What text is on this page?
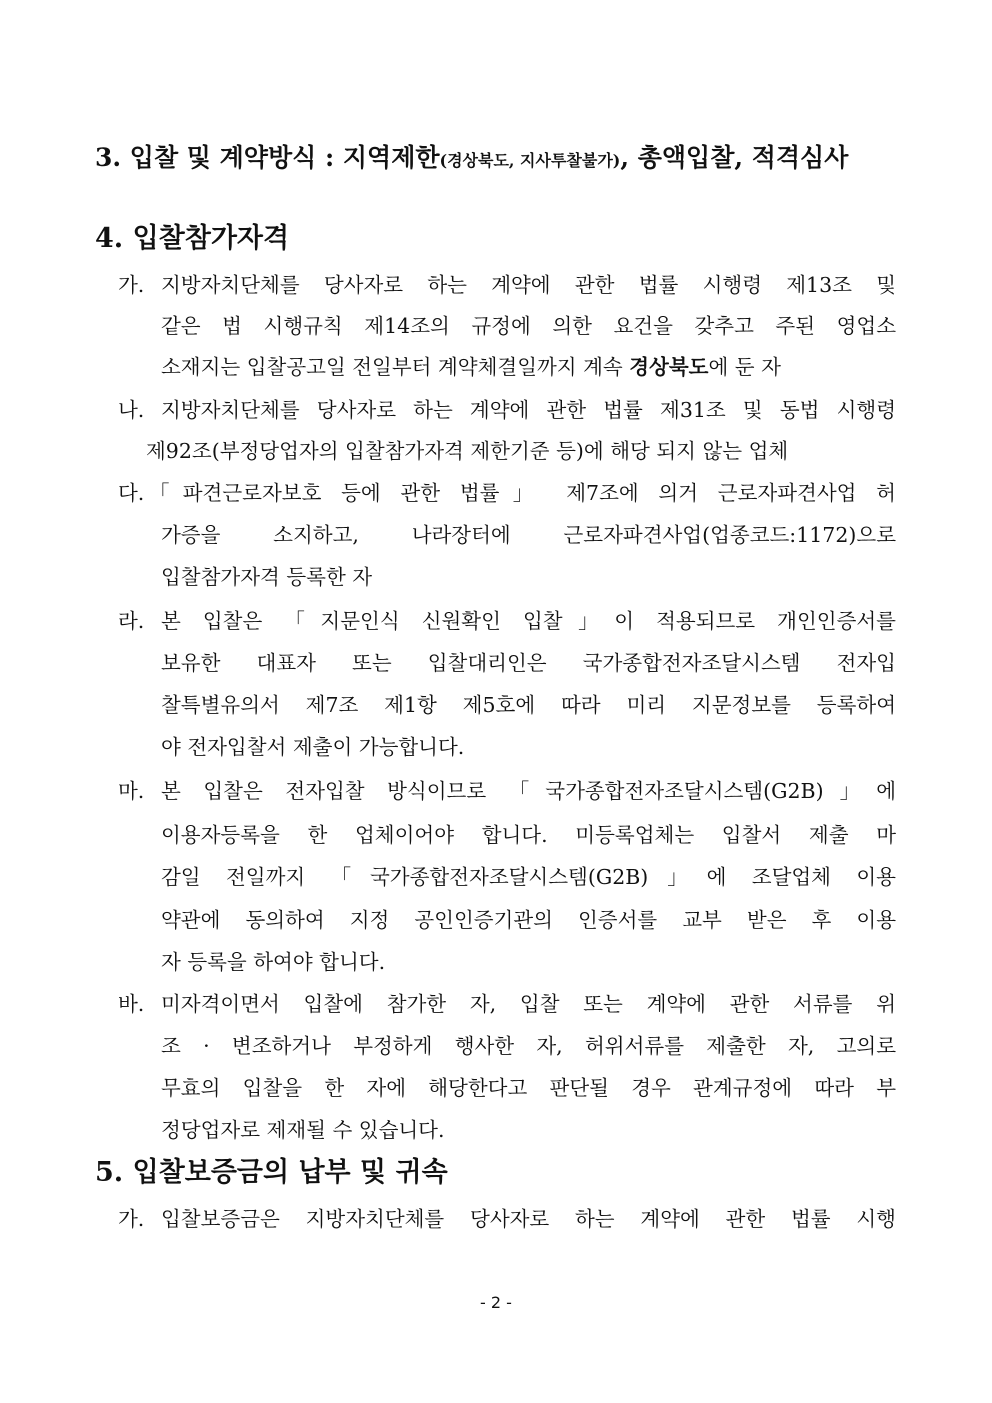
3. 입찰 및 계약방식 : 지역제한(경상북도, 지사투찰불가), 총액입찰, 적격심사
4. 입찰참가자격
가. 지방자치단체를 당사자로 하는 계약에 관한 법률 시행령 제13조 및
같은 법 시행규칙 제14조의 규정에 의한 요건을 갖추고 주된 영업소
소재지는 입찰공고일 전일부터 계약체결일까지 계속 경상북도에 둔 자
나. 지방자치단체를 당사자로 하는 계약에 관한 법률 제31조 및 동법 시행령
제92조(부정당업자의 입찰참가자격 제한기준 등)에 해당 되지 않는 업체
다. 「파견근로자보호 등에 관한 법률」 제7조에 의거 근로자파견사업 허
가증을 소지하고, 나라장터에 근로자파견사업(업종코드:1172)으로
입찰참가자격 등록한 자
라. 본 입찰은 「지문인식 신원확인 입찰」이 적용되므로 개인인증서를
보유한 대표자 또는 입찰대리인은 국가종합전자조달시스템 전자입
찰특별유의서 제7조 제1항 제5호에 따라 미리 지문정보를 등록하여
야 전자입찰서 제출이 가능합니다.
마. 본 입찰은 전자입찰 방식이므로 「국가종합전자조달시스템(G2B)」에
이용자등록을 한 업체이어야 합니다. 미등록업체는 입찰서 제출 마
감일 전일까지 「국가종합전자조달시스템(G2B)」에 조달업체 이용
약관에 동의하여 지정 공인인증기관의 인증서를 교부 받은 후 이용
자 등록을 하여야 합니다.
바. 미자격이면서 입찰에 참가한 자, 입찰 또는 계약에 관한 서류를 위
조 · 변조하거나 부정하게 행사한 자, 허위서류를 제출한 자, 고의로
무효의 입찰을 한 자에 해당한다고 판단될 경우 관계규정에 따라 부
정당업자로 제재될 수 있습니다.
5. 입찰보증금의 납부 및 귀속
가. 입찰보증금은 지방자치단체를 당사자로 하는 계약에 관한 법률 시행
- 2 -
